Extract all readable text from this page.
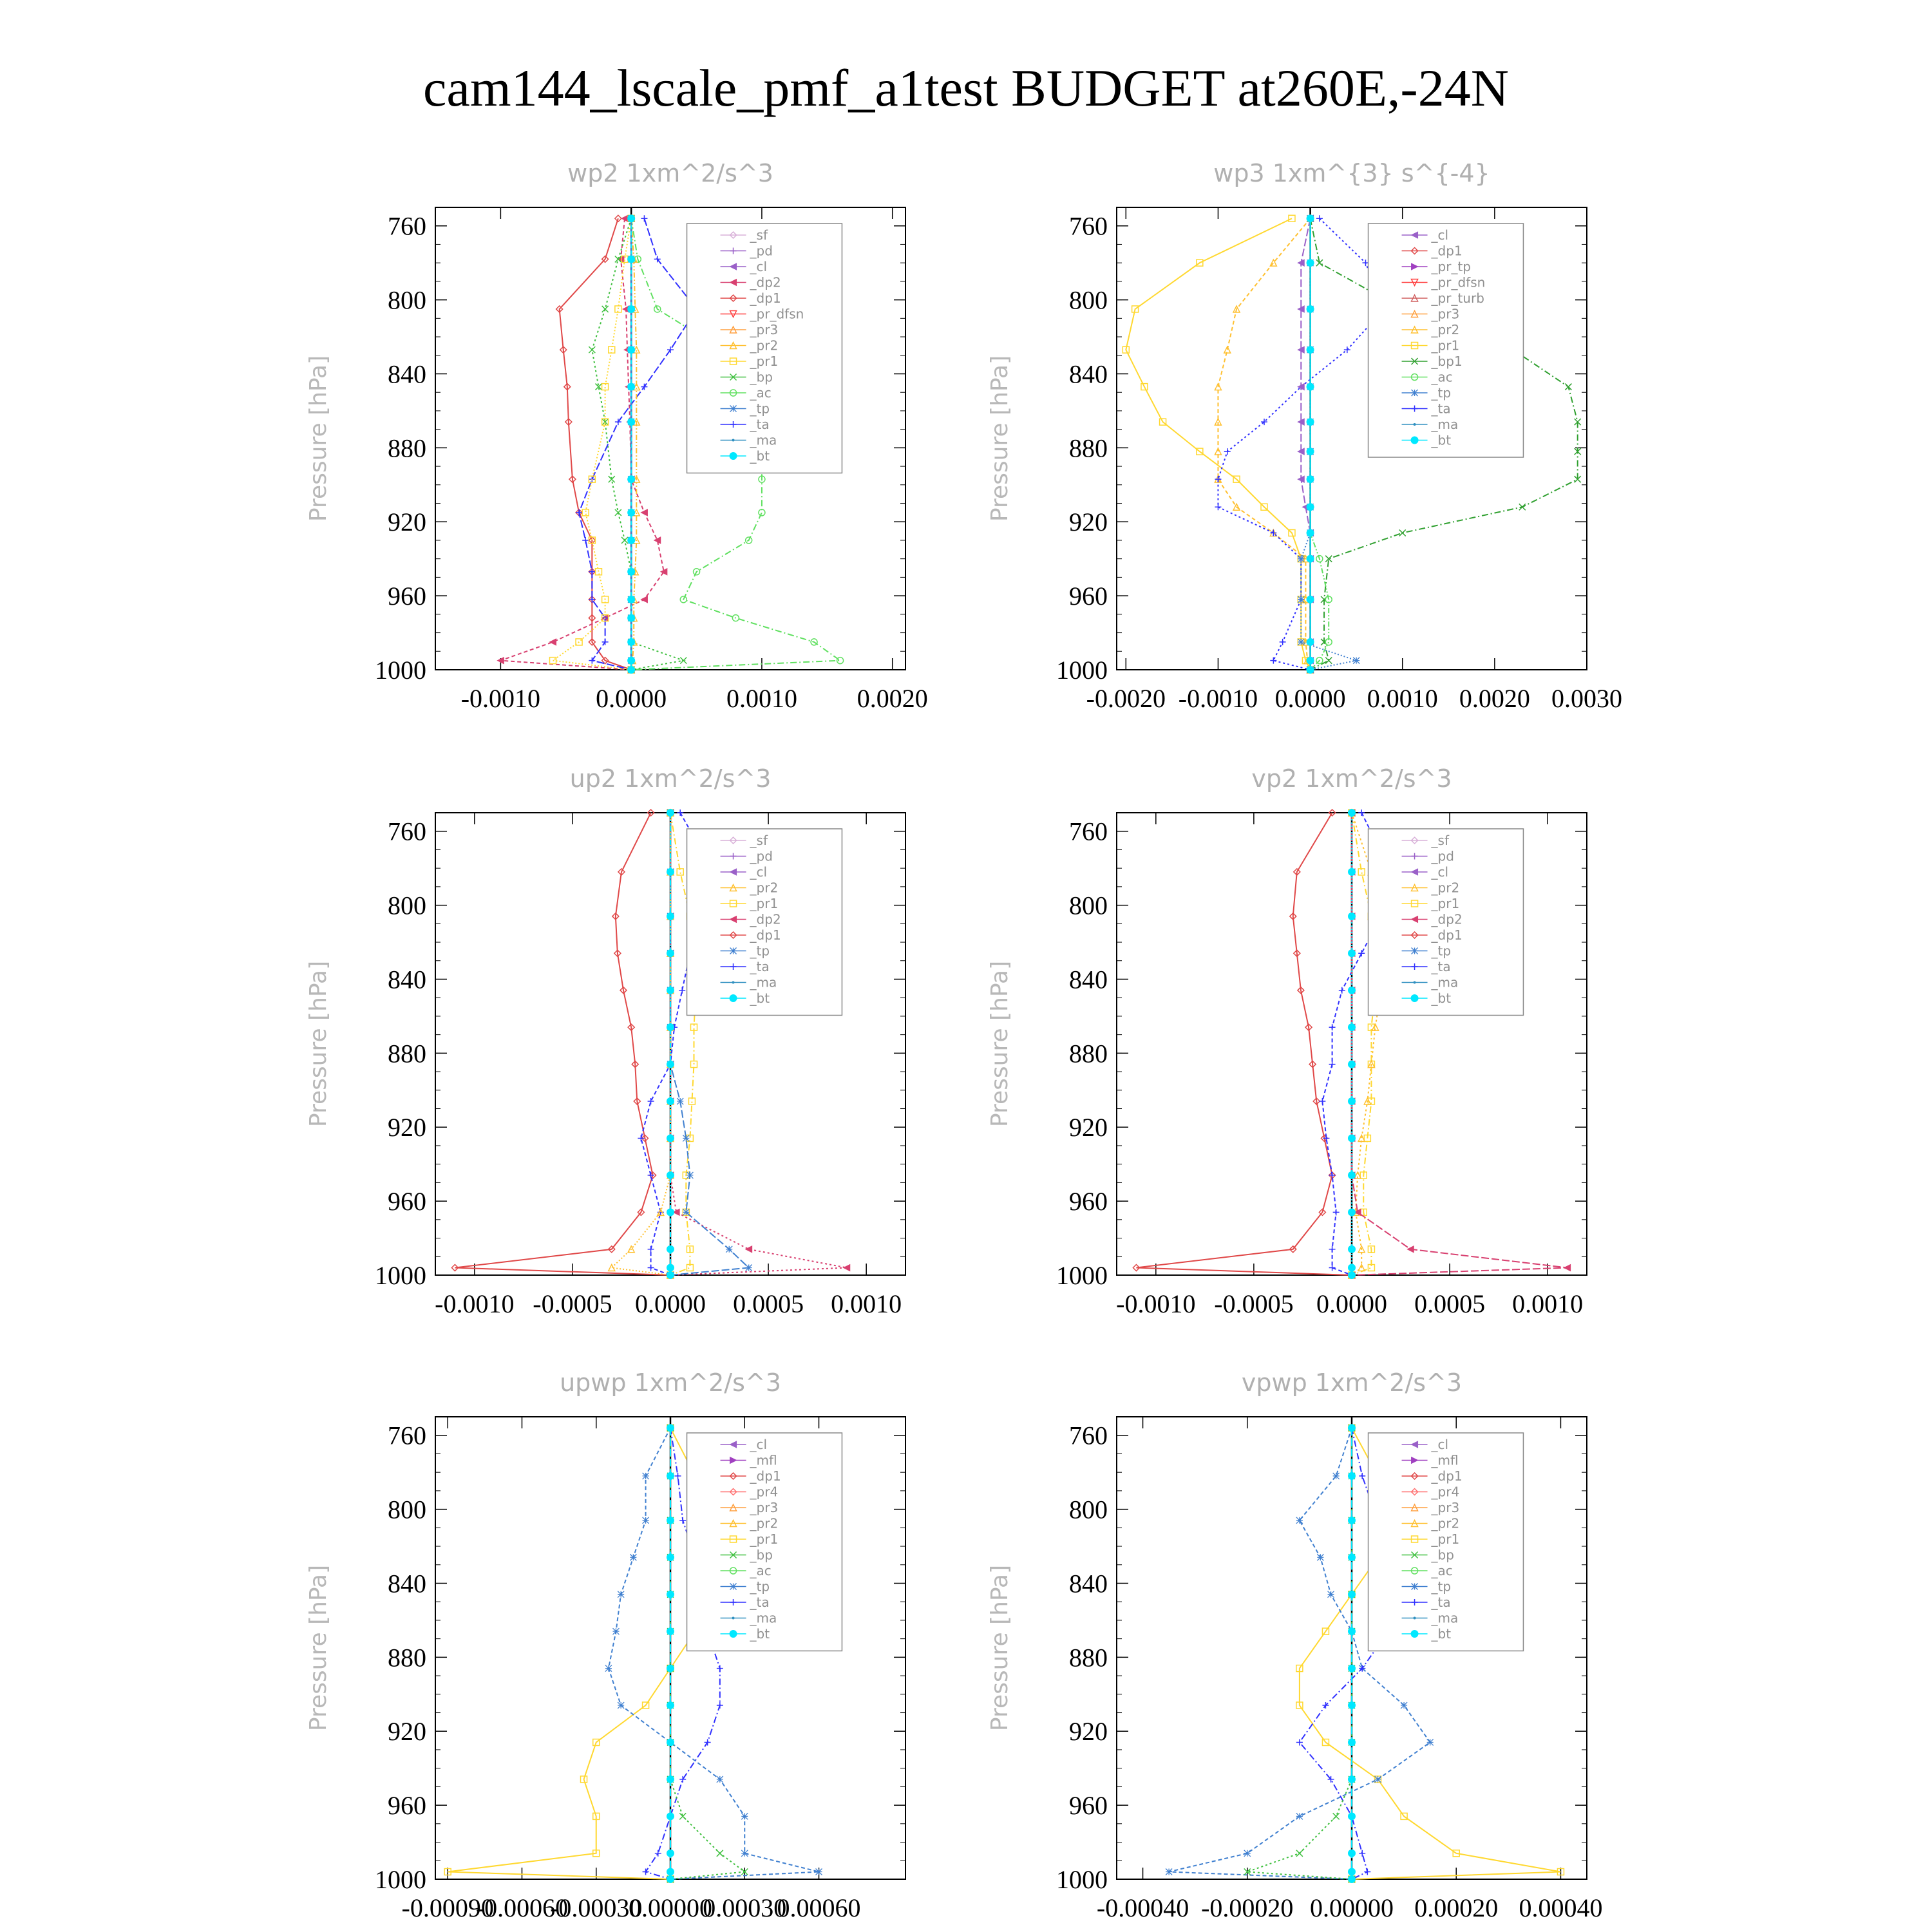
cam144_lscale_pmf_a1test BUDGET at260E,-24N
wp2 1xm^2/s^3
Pressure [hPa]
760
800
840
880
920
960
1000
-0.0010 0.0000 0.0010 0.0020
_sf
_pd
_cl
_dp2
_dp1
_pr_dfsn
_pr3
_pr2
_pr1
_bp
_ac
_tp
_ta
_ma
_bt
wp3 1xm^{3} s^{-4}
Pressure [hPa]
760
800
840
880
920
960
1000
-0.0020 -0.0010 0.0000 0.0010 0.0020 0.0030
_cl
_dp1
_pr_tp
_pr_dfsn
_pr_turb
_pr3
_pr2
_pr1
_bp1
_ac
_tp
_ta
_ma
_bt
up2 1xm^2/s^3
Pressure [hPa]
760
800
840
880
920
960
1000
-0.0010 -0.0005 0.0000 0.0005 0.0010
_sf
_pd
_cl
_pr2
_pr1
_dp2
_dp1
_tp
_ta
_ma
_bt
vp2 1xm^2/s^3
Pressure [hPa]
760
800
840
880
920
960
1000
-0.0010 -0.0005 0.0000 0.0005 0.0010
_sf
_pd
_cl
_pr2
_pr1
_dp2
_dp1
_tp
_ta
_ma
_bt
upwp 1xm^2/s^3
Pressure [hPa]
760
800
840
880
920
960
1000
-0.00090
-0.00060
-0.00030
0.00000
0.00030
0.00060
_cl
_mfl
_dp1
_pr4
_pr3
_pr2
_pr1
_bp
_ac
_tp
_ta
_ma
_bt
vpwp 1xm^2/s^3
Pressure [hPa]
760
800
840
880
920
960
1000
-0.00040 -0.00020 0.00000 0.00020 0.00040
_cl
_mfl
_dp1
_pr4
_pr3
_pr2
_pr1
_bp
_ac
_tp
_ta
_ma
_bt
